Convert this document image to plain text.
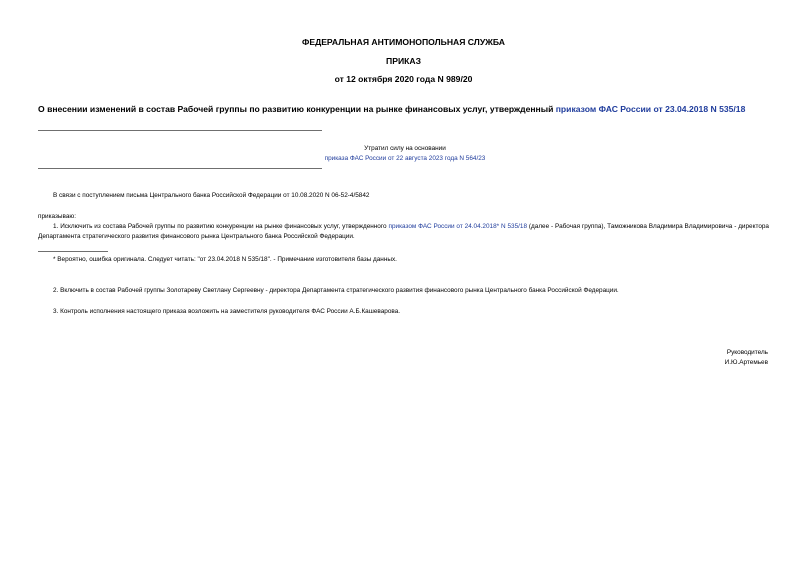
ФЕДЕРАЛЬНАЯ АНТИМОНОПОЛЬНАЯ СЛУЖБА
ПРИКАЗ
от 12 октября 2020 года N 989/20
О внесении изменений в состав Рабочей группы по развитию конкуренции на рынке финансовых услуг, утвержденный приказом ФАС России от 23.04.2018 N 535/18
Утратил силу на основании
приказа ФАС России от 22 августа 2023 года N 564/23
В связи с поступлением письма Центрального банка Российской Федерации от 10.08.2020 N 06-52-4/5842
приказываю:
1. Исключить из состава Рабочей группы по развитию конкуренции на рынке финансовых услуг, утвержденного приказом ФАС России от 24.04.2018* N 535/18 (далее - Рабочая группа), Таможникова Владимира Владимировича - директора Департамента стратегического развития финансового рынка Центрального банка Российской Федерации.
* Вероятно, ошибка оригинала. Следует читать: "от 23.04.2018 N 535/18". - Примечание изготовителя базы данных.
2. Включить в состав Рабочей группы Золотареву Светлану Сергеевну - директора Департамента стратегического развития финансового рынка Центрального банка Российской Федерации.
3. Контроль исполнения настоящего приказа возложить на заместителя руководителя ФАС России А.Б.Кашеварова.
Руководитель
И.Ю.Артемьев
